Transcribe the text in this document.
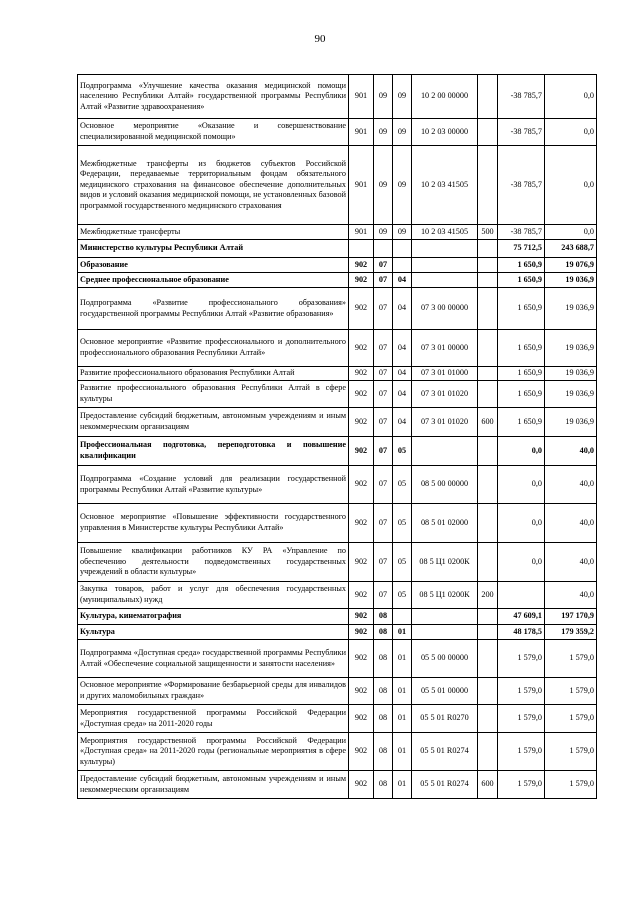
90
Подпрограмма «Улучшение качества оказания медицинской помощи населению Республики Алтай» государственной программы Республики Алтай «Развитие здравоохранения»	901	09	09	10 2 00 00000		-38 785,7	0,0
Основное мероприятие «Оказание и совершенствование специализированной медицинской помощи»	901	09	09	10 2 03 00000		-38 785,7	0,0
Межбюджетные трансферты из бюджетов субъектов Российской Федерации, передаваемые территориальным фондам обязательного медицинского страхования на финансовое обеспечение дополнительных видов и условий оказания медицинской помощи, не установленных базовой программой государственного медицинского страхования	901	09	09	10 2 03 41505		-38 785,7	0,0
Межбюджетные трансферты	901	09	09	10 2 03 41505	500	-38 785,7	0,0
Министерство культуры Республики Алтай						75 712,5	243 688,7
Образование	902	07				1 650,9	19 076,9
Среднее профессиональное образование	902	07	04			1 650,9	19 036,9
Подпрограмма «Развитие профессионального образования» государственной программы Республики Алтай «Развитие образования»	902	07	04	07 3 00 00000		1 650,9	19 036,9
Основное мероприятие «Развитие профессионального и дополнительного профессионального образования Республики Алтай»	902	07	04	07 3 01 00000		1 650,9	19 036,9
Развитие профессионального образования Республики Алтай	902	07	04	07 3 01 01000		1 650,9	19 036,9
Развитие профессионального образования Республики Алтай в сфере культуры	902	07	04	07 3 01 01020		1 650,9	19 036,9
Предоставление субсидий бюджетным, автономным учреждениям и иным некоммерческим организациям	902	07	04	07 3 01 01020	600	1 650,9	19 036,9
Профессиональная подготовка, переподготовка и повышение квалификации	902	07	05			0,0	40,0
Подпрограмма «Создание условий для реализации государственной программы Республики Алтай «Развитие культуры»	902	07	05	08 5 00 00000		0,0	40,0
Основное мероприятие «Повышение эффективности государственного управления в Министерстве культуры Республики Алтай»	902	07	05	08 5 01 02000		0,0	40,0
Повышение квалификации работников КУ РА «Управление по обеспечению деятельности подведомственных государственных учреждений в области культуры»	902	07	05	08 5 Ц1 0200К		0,0	40,0
Закупка товаров, работ и услуг для обеспечения государственных (муниципальных) нужд	902	07	05	08 5 Ц1 0200К	200		40,0
Культура, кинематография	902	08				47 609,1	197 170,9
Культура	902	08	01			48 178,5	179 359,2
Подпрограмма «Доступная среда» государственной программы Республики Алтай «Обеспечение социальной защищенности и занятости населения»	902	08	01	05 5 00 00000		1 579,0	1 579,0
Основное мероприятие «Формирование безбарьерной среды для инвалидов и других маломобильных граждан»	902	08	01	05 5 01 00000		1 579,0	1 579,0
Мероприятия государственной программы Российской Федерации «Доступная среда» на 2011-2020 годы	902	08	01	05 5 01 R0270		1 579,0	1 579,0
Мероприятия государственной программы Российской Федерации «Доступная среда» на 2011-2020 годы (региональные мероприятия в сфере культуры)	902	08	01	05 5 01 R0274		1 579,0	1 579,0
Предоставление субсидий бюджетным, автономным учреждениям и иным некоммерческим организациям	902	08	01	05 5 01 R0274	600	1 579,0	1 579,0
